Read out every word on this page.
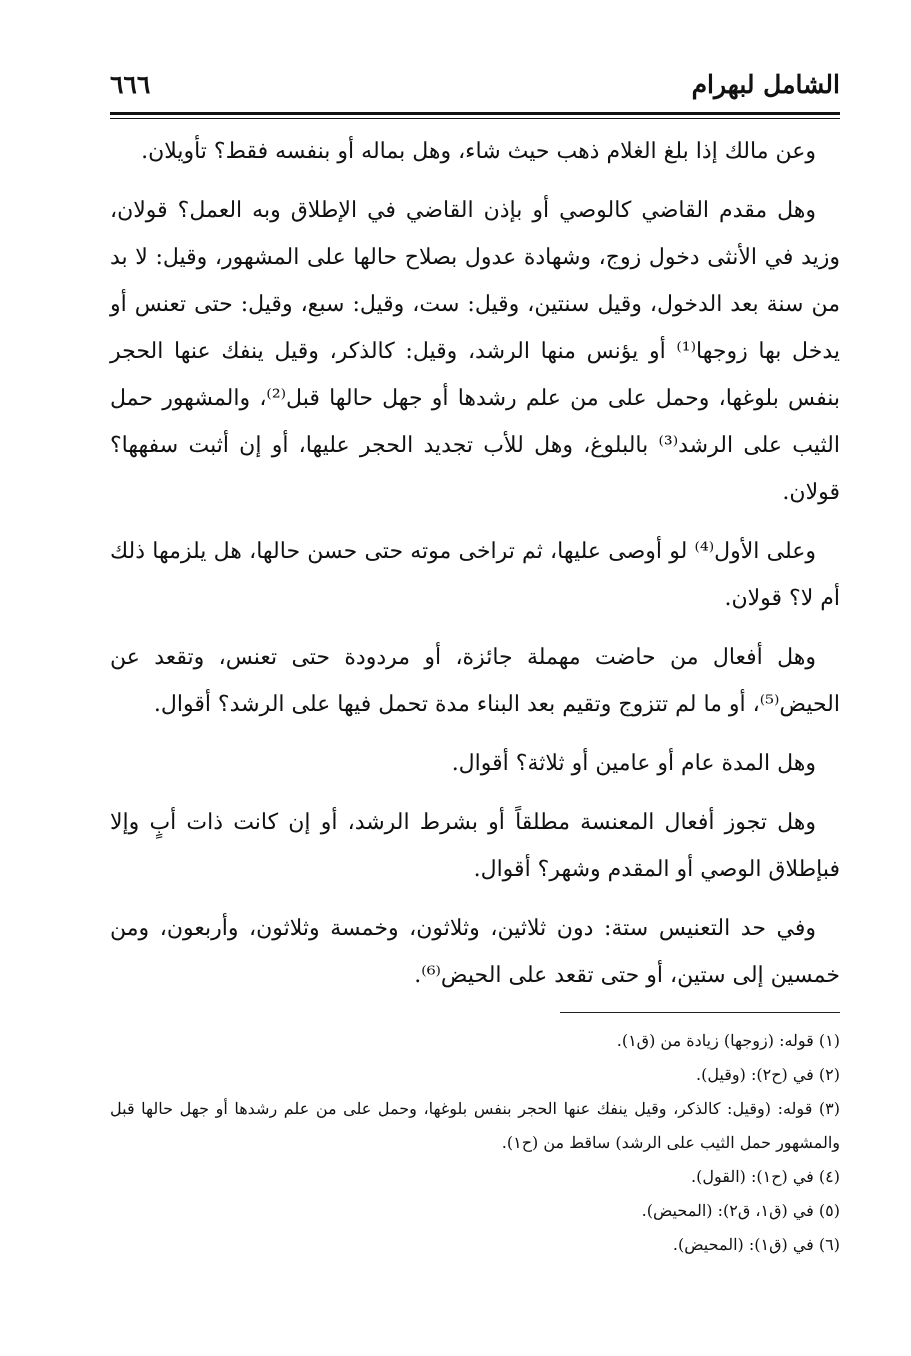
الشامل لبهرام
٦٦٦

وعن مالك إذا بلغ الغلام ذهب حيث شاء، وهل بماله أو بنفسه فقط؟ تأويلان.

وهل مقدم القاضي كالوصي أو بإذن القاضي في الإطلاق وبه العمل؟ قولان، وزيد في الأنثى دخول زوج، وشهادة عدول بصلاح حالها على المشهور، وقيل: لا بد من سنة بعد الدخول، وقيل سنتين، وقيل: ست، وقيل: سبع، وقيل: حتى تعنس أو يدخل بها زوجها⁽¹⁾ أو يؤنس منها الرشد، وقيل: كالذكر، وقيل ينفك عنها الحجر بنفس بلوغها، وحمل على من علم رشدها أو جهل حالها قبل⁽²⁾، والمشهور حمل الثيب على الرشد⁽³⁾ بالبلوغ، وهل للأب تجديد الحجر عليها، أو إن أثبت سفهها؟ قولان.

وعلى الأول⁽⁴⁾ لو أوصى عليها، ثم تراخى موته حتى حسن حالها، هل يلزمها ذلك أم لا؟ قولان.

وهل أفعال من حاضت مهملة جائزة، أو مردودة حتى تعنس، وتقعد عن الحيض⁽⁵⁾، أو ما لم تتزوج وتقيم بعد البناء مدة تحمل فيها على الرشد؟ أقوال.

وهل المدة عام أو عامين أو ثلاثة؟ أقوال.

وهل تجوز أفعال المعنسة مطلقاً أو بشرط الرشد، أو إن كانت ذات أبٍ وإلا فبإطلاق الوصي أو المقدم وشهر؟ أقوال.

وفي حد التعنيس ستة: دون ثلاثين، وثلاثون، وخمسة وثلاثون، وأربعون، ومن خمسين إلى ستين، أو حتى تقعد على الحيض⁽⁶⁾.

(١) قوله: (زوجها) زيادة من (ق١).

(٢) في (ح٢): (وقيل).

(٣) قوله: (وقيل: كالذكر، وقيل ينفك عنها الحجر بنفس بلوغها، وحمل على من علم رشدها أو جهل حالها قبل والمشهور حمل الثيب على الرشد) ساقط من (ح١).

(٤) في (ح١): (القول).

(٥) في (ق١، ق٢): (المحيض).

(٦) في (ق١): (المحيض).
